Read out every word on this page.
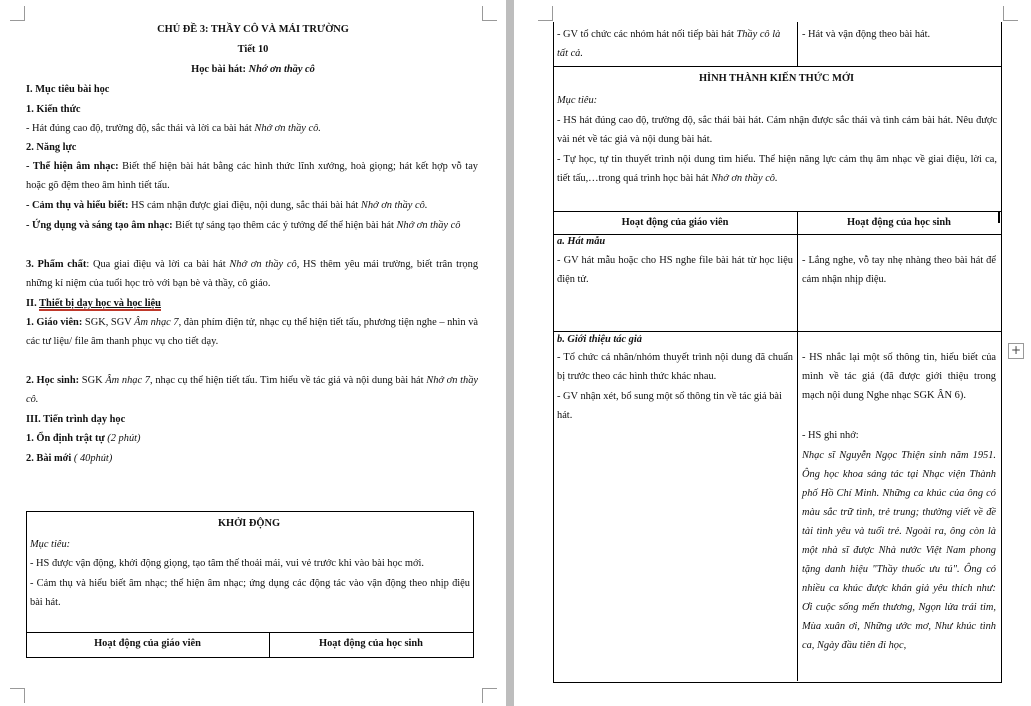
CHỦ ĐỀ 3: THẦY CÔ VÀ MÁI TRƯỜNG
Tiết 10
Học bài hát: Nhớ ơn thầy cô
I. Mục tiêu bài học
1. Kiến thức
- Hát đúng cao độ, trường độ, sắc thái và lời ca bài hát Nhớ ơn thầy cô.
2. Năng lực
- Thể hiện âm nhạc: Biết thể hiện bài hát bằng các hình thức lĩnh xướng, hoà giọng; hát kết hợp vỗ tay hoặc gõ đệm theo âm hình tiết tấu.
- Cảm thụ và hiểu biết: HS cảm nhận được giai điệu, nội dung, sắc thái bài hát Nhớ ơn thầy cô.
- Ứng dụng và sáng tạo âm nhạc: Biết tự sáng tạo thêm các ý tưởng để thể hiện bài hát Nhớ ơn thầy cô
3. Phẩm chất: Qua giai điệu và lời ca bài hát Nhớ ơn thầy cô, HS thêm yêu mái trường, biết trân trọng những kỉ niệm của tuổi học trò với bạn bè và thầy, cô giáo.
II. Thiết bị dạy học và học liệu
1. Giáo viên: SGK, SGV Âm nhạc 7, đàn phím điện tử, nhạc cụ thể hiện tiết tấu, phương tiện nghe – nhìn và các tư liệu/ file âm thanh phục vụ cho tiết dạy.
2. Học sinh: SGK Âm nhạc 7, nhạc cụ thể hiện tiết tấu. Tìm hiểu về tác giả và nội dung bài hát Nhớ ơn thầy cô.
III. Tiến trình dạy học
1. Ổn định trật tự (2 phút)
2. Bài mới ( 40phút)
KHỞI ĐỘNG
Mục tiêu:
- HS được vận động, khởi động giọng, tạo tâm thế thoải mái, vui vẻ trước khi vào bài học mới.
- Cảm thụ và hiểu biết âm nhạc; thể hiện âm nhạc; ứng dụng các động tác vào vận động theo nhịp điệu bài hát.
Hoạt động của giáo viên	Hoạt động của học sinh
- GV tổ chức các nhóm hát nối tiếp bài hát Thầy cô là tất cả.
- Hát và vận động theo bài hát.
HÌNH THÀNH KIẾN THỨC MỚI
Mục tiêu:
- HS hát đúng cao độ, trường độ, sắc thái bài hát. Cảm nhận được sắc thái và tình cảm bài hát. Nêu được vài nét về tác giả và nội dung bài hát.
- Tự học, tự tin thuyết trình nội dung tìm hiểu. Thể hiện năng lực cảm thụ âm nhạc về giai điệu, lời ca, tiết tấu,…trong quá trình học bài hát Nhớ ơn thầy cô.
Hoạt động của giáo viên	Hoạt động của học sinh
a. Hát mẫu
- GV hát mẫu hoặc cho HS nghe file bài hát từ học liệu điện tử.
- Lắng nghe, vỗ tay nhẹ nhàng theo bài hát để cảm nhận nhịp điệu.
b. Giới thiệu tác giả
- Tổ chức cá nhân/nhóm thuyết trình nội dung đã chuẩn bị trước theo các hình thức khác nhau.
- GV nhận xét, bổ sung một số thông tin về tác giả bài hát.
- HS nhắc lại một số thông tin, hiểu biết của mình về tác giả (đã được giới thiệu trong mạch nội dung Nghe nhạc SGK ÂN 6).
- HS ghi nhớ:
Nhạc sĩ Nguyễn Ngọc Thiện sinh năm 1951. Ông học khoa sáng tác tại Nhạc viện Thành phố Hồ Chí Minh. Những ca khúc của ông có màu sắc trữ tình, trẻ trung; thường viết về đề tài tình yêu và tuổi trẻ. Ngoài ra, ông còn là một nhà sĩ được Nhà nước Việt Nam phong tặng danh hiệu "Thầy thuốc ưu tú". Ông có nhiều ca khúc được khán giả yêu thích như: Ơi cuộc sống mến thương, Ngọn lửa trái tim, Mùa xuân ơi, Những ước mơ, Như khúc tình ca, Ngày đầu tiên đi học,
+
